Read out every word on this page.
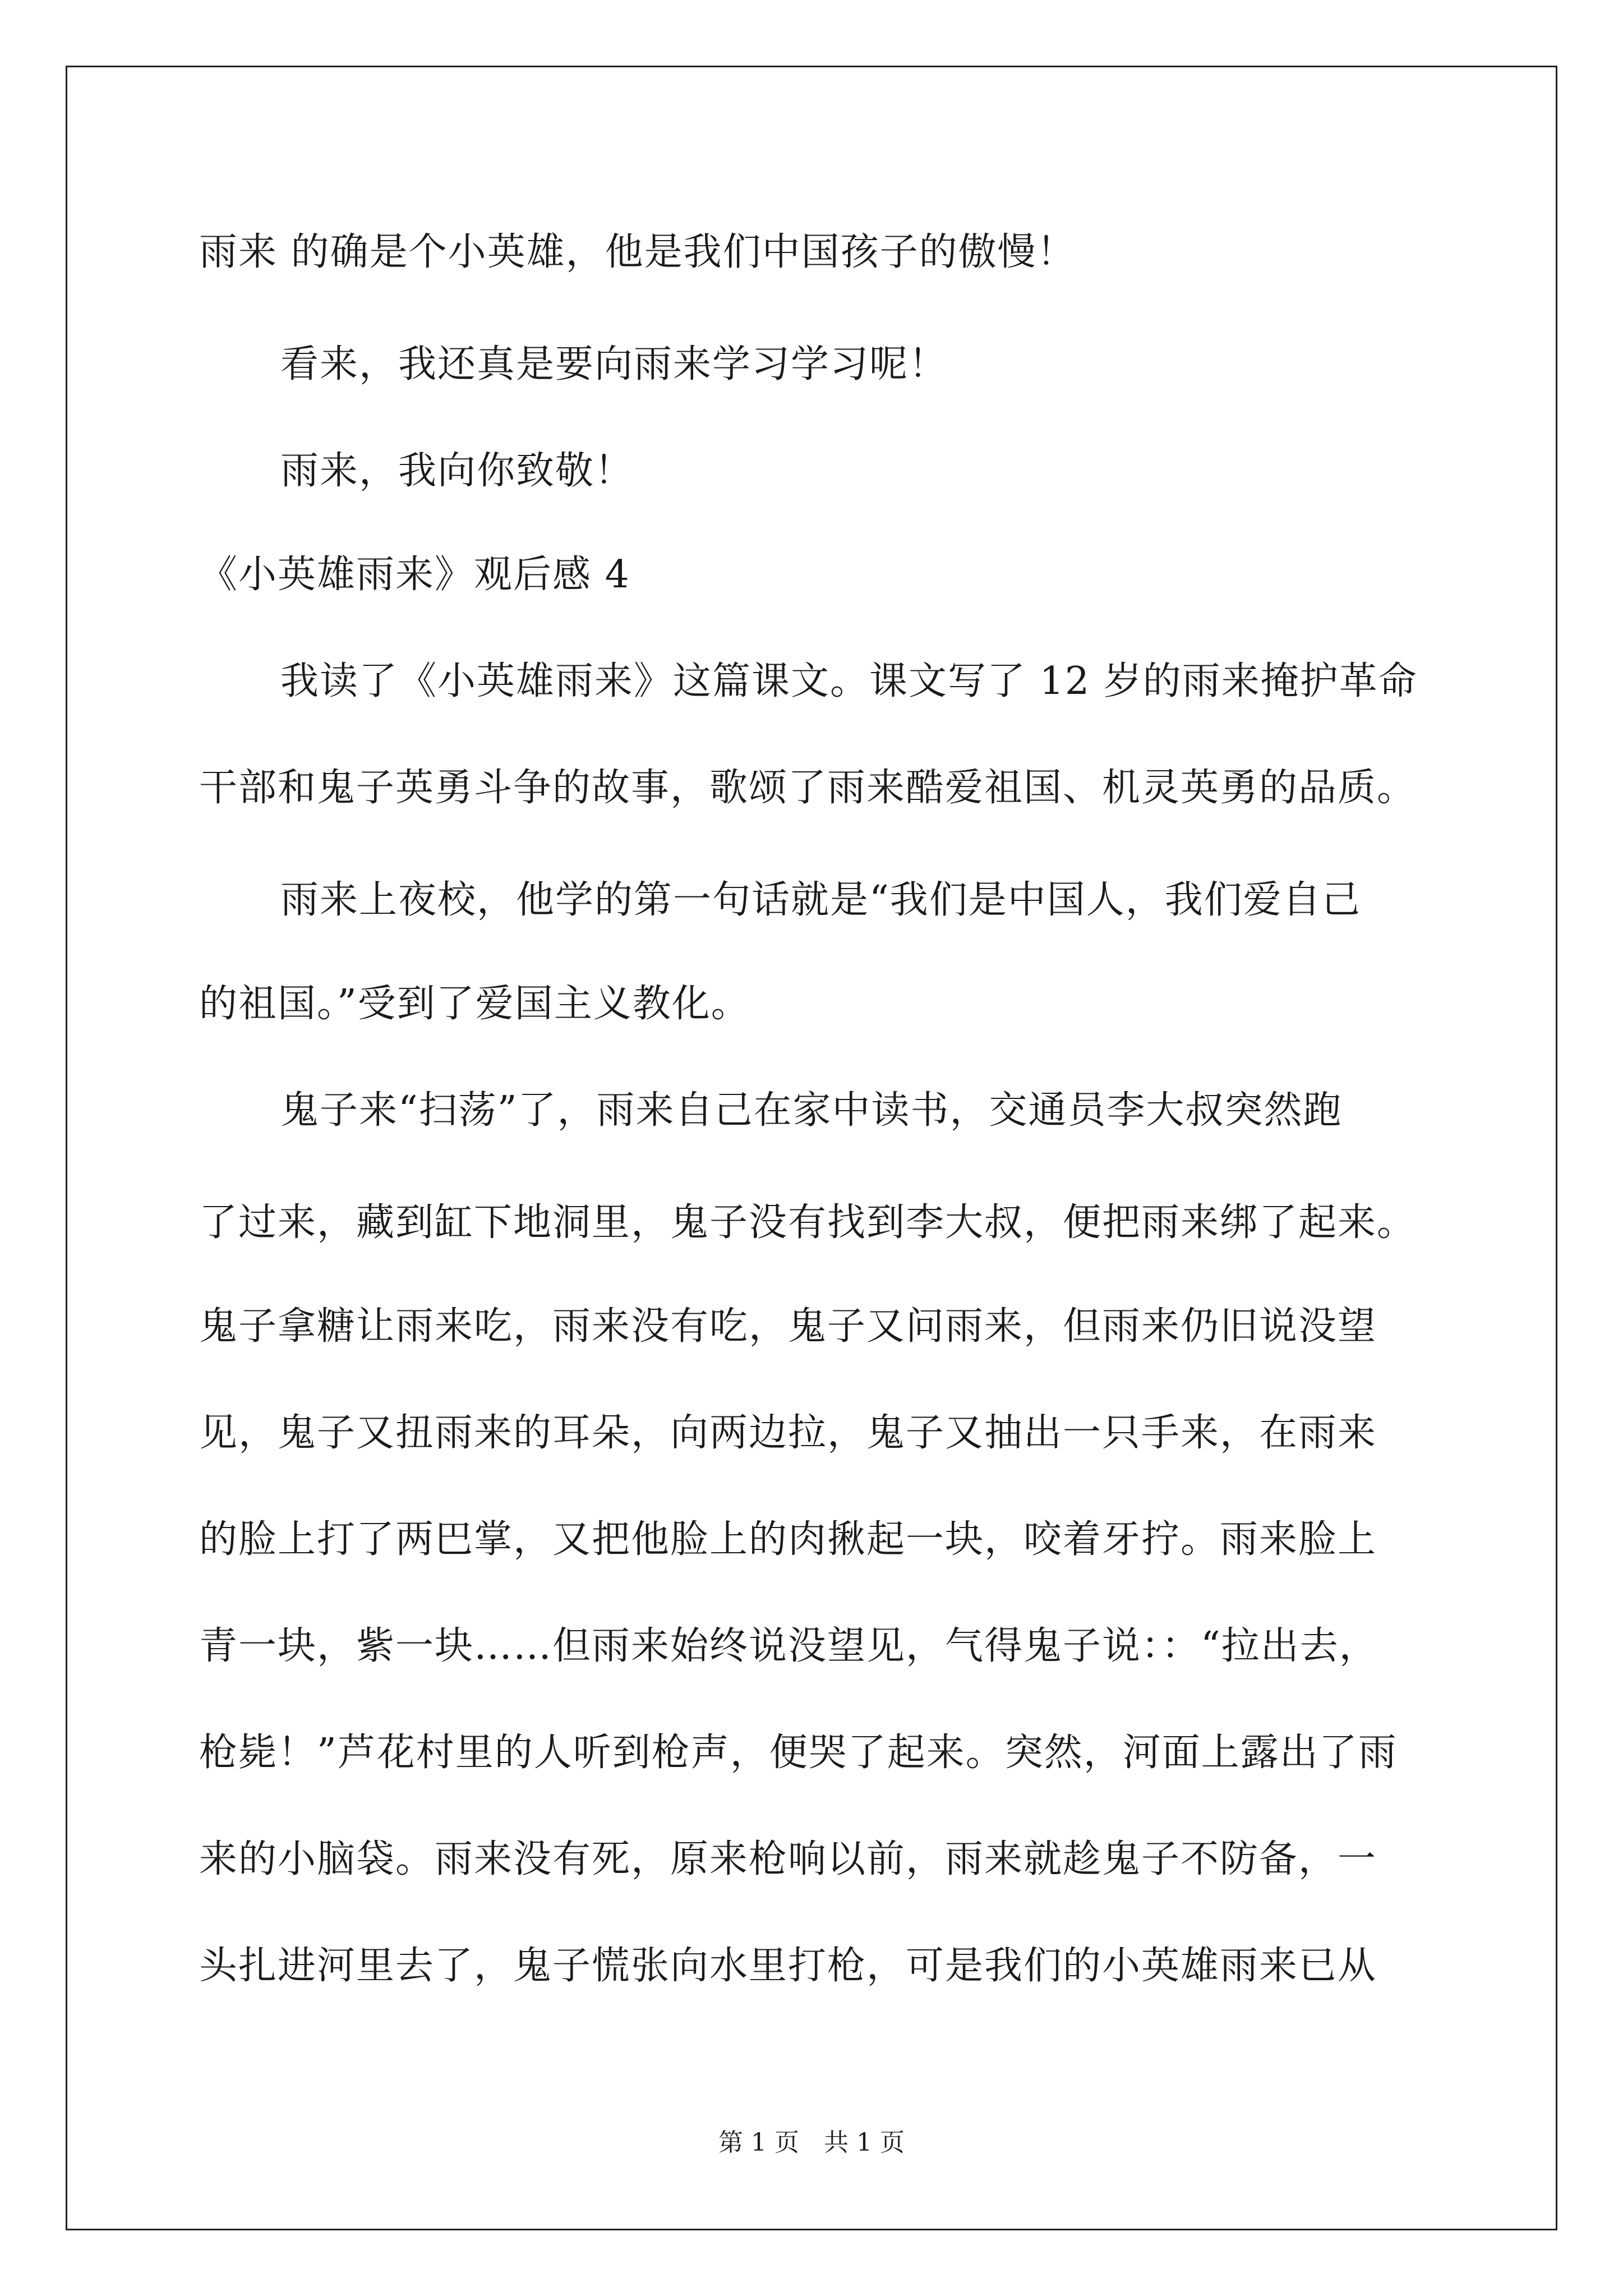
雨来 的确是个小英雄，他是我们中国孩子的傲慢！
看来，我还真是要向雨来学习学习呢！
雨来，我向你致敬！
《小英雄雨来》观后感 4
我读了《小英雄雨来》这篇课文。课文写了 12 岁的雨来掩护革命
干部和鬼子英勇斗争的故事，歌颂了雨来酷爱祖国、机灵英勇的品质。
雨来上夜校，他学的第一句话就是“我们是中国人，我们爱自己
的祖国。”受到了爱国主义教化。
鬼子来“扫荡”了，雨来自己在家中读书，交通员李大叔突然跑
了过来，藏到缸下地洞里，鬼子没有找到李大叔，便把雨来绑了起来。
鬼子拿糖让雨来吃，雨来没有吃，鬼子又问雨来，但雨来仍旧说没望
见，鬼子又扭雨来的耳朵，向两边拉，鬼子又抽出一只手来，在雨来
的脸上打了两巴掌，又把他脸上的肉揪起一块，咬着牙拧。雨来脸上
青一块，紫一块……但雨来始终说没望见，气得鬼子说：：“拉出去，
枪毙！”芦花村里的人听到枪声，便哭了起来。突然，河面上露出了雨
来的小脑袋。雨来没有死，原来枪响以前，雨来就趁鬼子不防备，一
头扎进河里去了，鬼子慌张向水里打枪，可是我们的小英雄雨来已从
第 1 页　共 1 页
